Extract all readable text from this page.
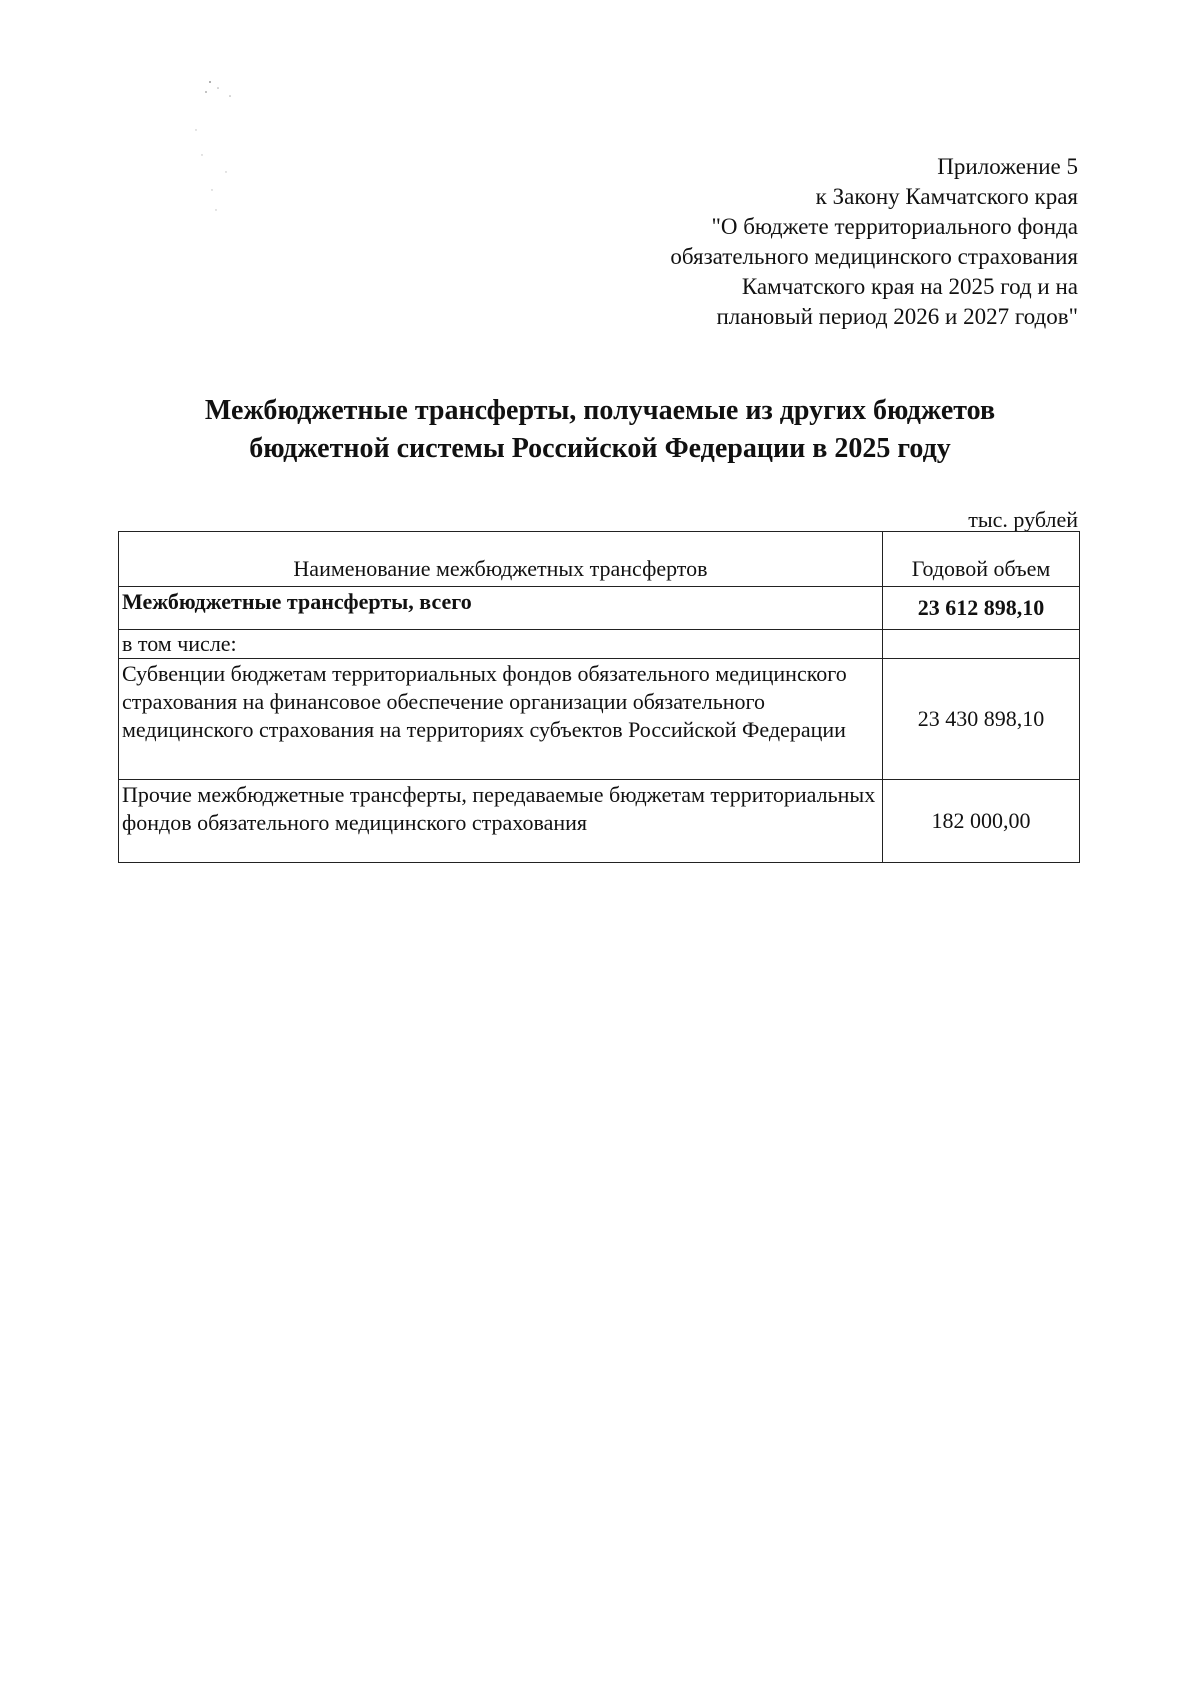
Приложение 5
к Закону Камчатского края
"О бюджете территориального фонда
обязательного медицинского страхования
Камчатского края на 2025 год и на
плановый период 2026 и 2027 годов"
Межбюджетные трансферты, получаемые из других бюджетов
бюджетной системы Российской Федерации в 2025 году
тыс. рублей
Наименование межбюджетных трансфертов	Годовой объем
Межбюджетные трансферты, всего	23 612 898,10
в том числе:	
Субвенции бюджетам территориальных фондов обязательного медицинского страхования на финансовое обеспечение организации обязательного медицинского страхования на территориях субъектов Российской Федерации	23 430 898,10
Прочие межбюджетные трансферты, передаваемые бюджетам территориальных фондов обязательного медицинского страхования	182 000,00
